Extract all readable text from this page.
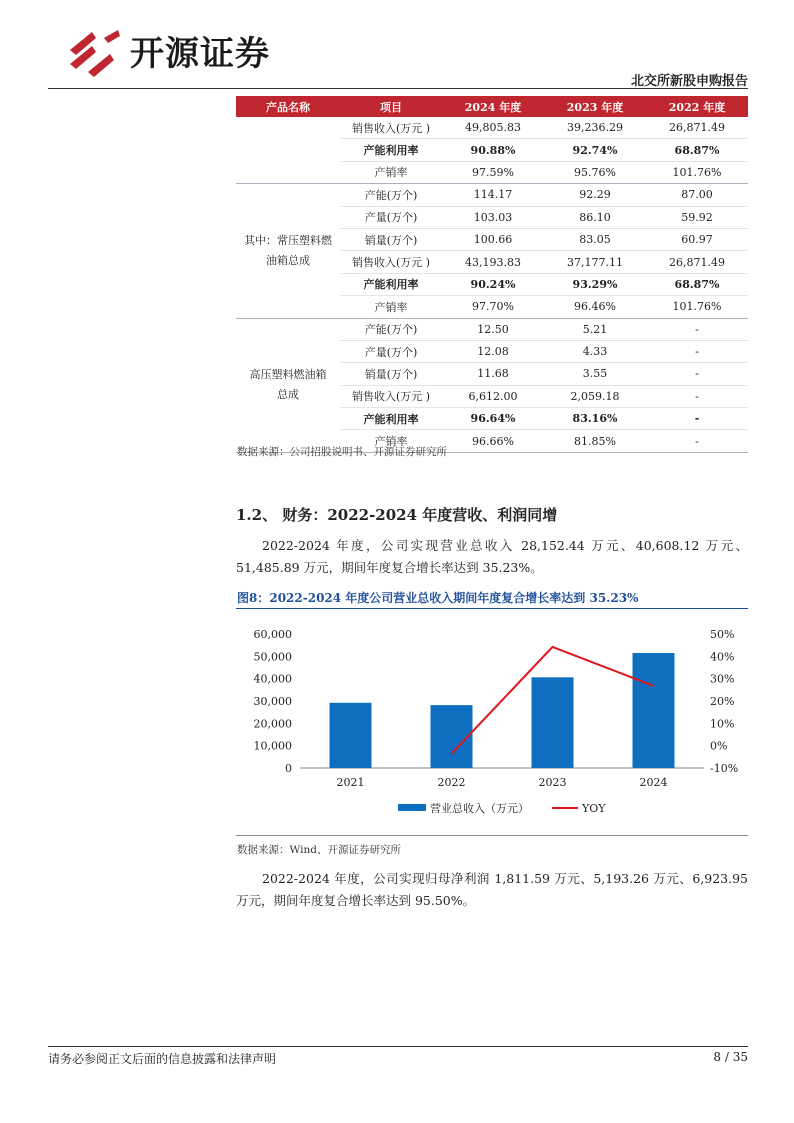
开源证券
北交所新股申购报告
产品名称	项目	2024 年度	2023 年度	2022 年度
	销售收入(万元 )	49,805.83	39,236.29	26,871.49
	产能利用率	90.88%	92.74%	68.87%
	产销率	97.59%	95.76%	101.76%

其中：常压塑料燃
油箱总成	产能(万个)	114.17	92.29	87.00
	产量(万个)	103.03	86.10	59.92
	销量(万个)	100.66	83.05	60.97
	销售收入(万元 )	43,193.83	37,177.11	26,871.49
	产能利用率	90.24%	93.29%	68.87%
	产销率	97.70%	96.46%	101.76%

高压塑料燃油箱
总成	产能(万个)	12.50	5.21	-
	产量(万个)	12.08	4.33	-
	销量(万个)	11.68	3.55	-
	销售收入(万元 )	6,612.00	2,059.18	-
	产能利用率	96.64%	83.16%	-
	产销率	96.66%	81.85%	-
数据来源：公司招股说明书、开源证券研究所
1.2、 财务：2022-2024 年度营收、利润同增
2022-2024 年度，公司实现营业总收入 28,152.44 万元、40,608.12 万元、51,485.89 万元，期间年度复合增长率达到 35.23%。
图8：2022-2024 年度公司营业总收入期间年度复合增长率达到 35.23%
0
10,000
20,000
30,000
40,000
50,000
60,000
-10%
0%
10%
20%
30%
40%
50%
2021	2022	2023	2024
营业总收入（万元）	YOY
数据来源：Wind、开源证券研究所
2022-2024 年度，公司实现归母净利润 1,811.59 万元、5,193.26 万元、6,923.95 万元，期间年度复合增长率达到 95.50%。
请务必参阅正文后面的信息披露和法律声明	8 / 35
